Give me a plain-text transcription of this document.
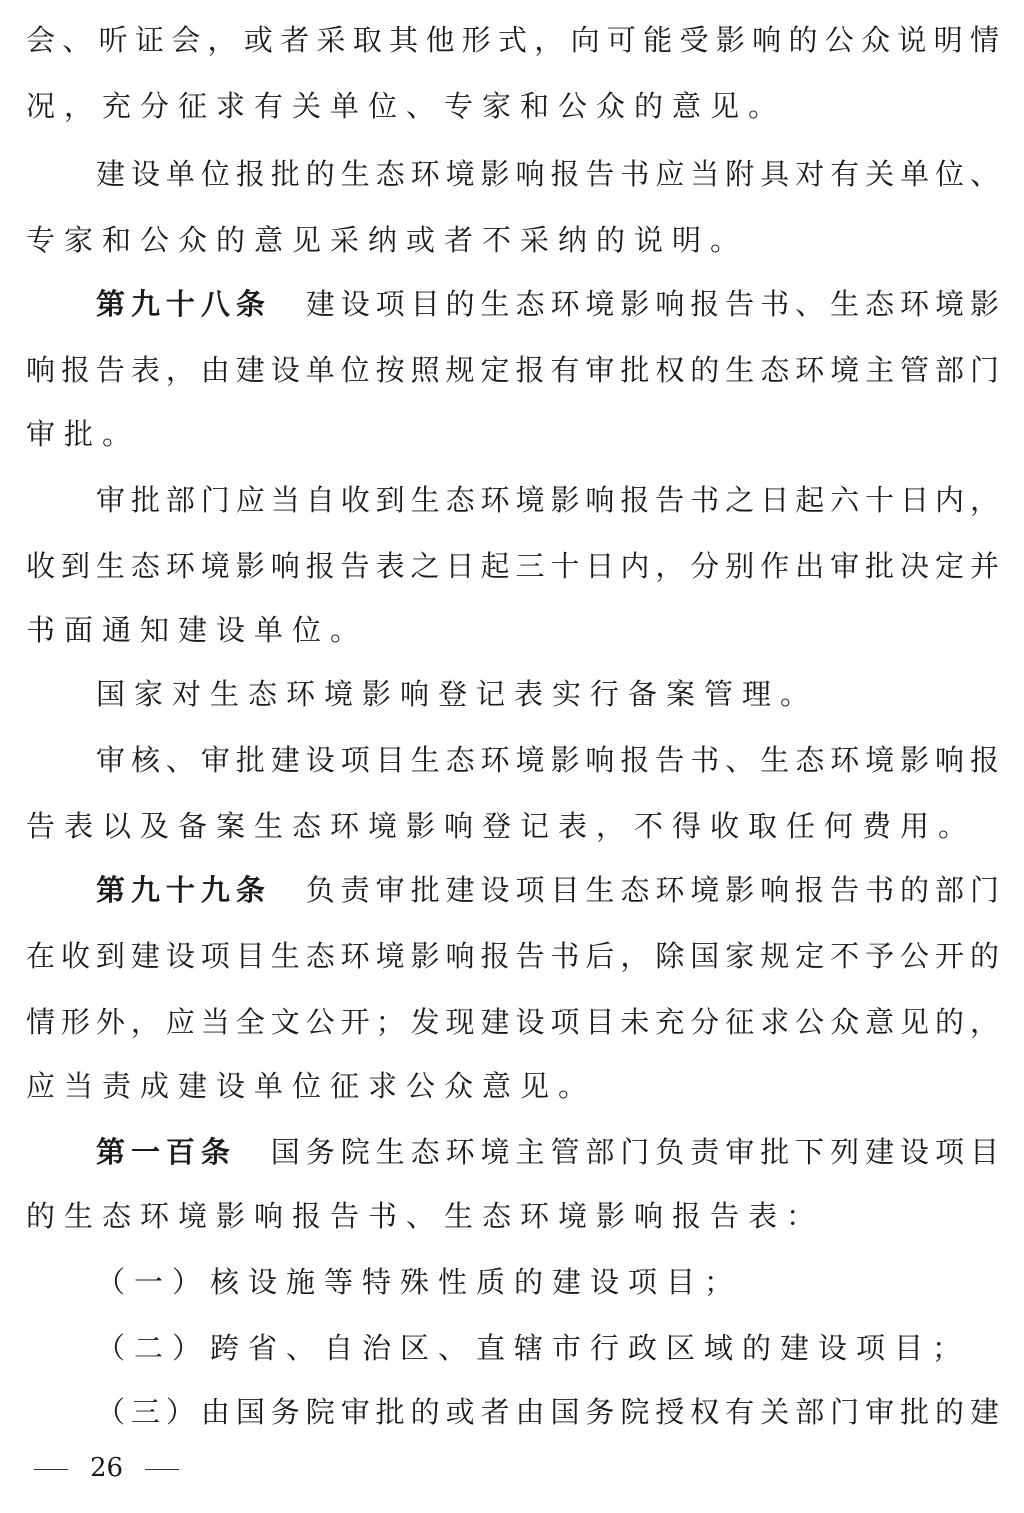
会、听证会，或者采取其他形式，向可能受影响的公众说明情
况，充分征求有关单位、专家和公众的意见。
建设单位报批的生态环境影响报告书应当附具对有关单位、
专家和公众的意见采纳或者不采纳的说明。
第九十八条 建设项目的生态环境影响报告书、生态环境影
响报告表，由建设单位按照规定报有审批权的生态环境主管部门
审批。
审批部门应当自收到生态环境影响报告书之日起六十日内，
收到生态环境影响报告表之日起三十日内，分别作出审批决定并
书面通知建设单位。
国家对生态环境影响登记表实行备案管理。
审核、审批建设项目生态环境影响报告书、生态环境影响报
告表以及备案生态环境影响登记表，不得收取任何费用。
第九十九条 负责审批建设项目生态环境影响报告书的部门
在收到建设项目生态环境影响报告书后，除国家规定不予公开的
情形外，应当全文公开；发现建设项目未充分征求公众意见的，
应当责成建设单位征求公众意见。
第一百条 国务院生态环境主管部门负责审批下列建设项目
的生态环境影响报告书、生态环境影响报告表：
（一）核设施等特殊性质的建设项目；
（二）跨省、自治区、直辖市行政区域的建设项目；
（三）由国务院审批的或者由国务院授权有关部门审批的建
26
